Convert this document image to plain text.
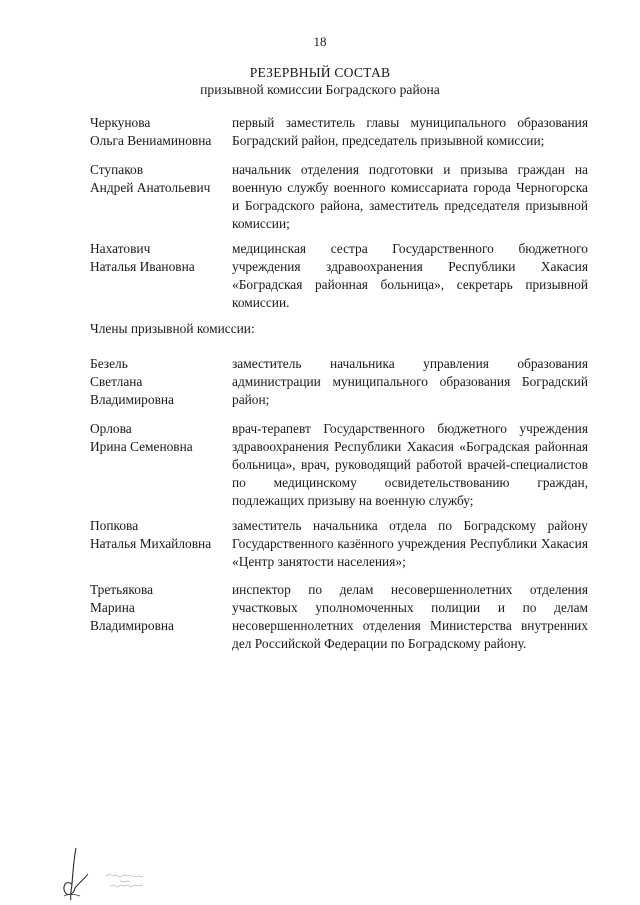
18
РЕЗЕРВНЫЙ СОСТАВ
призывной комиссии Боградского района
Черкунова
Ольга Вениаминовна
первый заместитель главы муниципального образования Боградский район, председатель призывной комиссии;
Ступаков
Андрей Анатольевич
начальник отделения подготовки и призыва граждан на военную службу военного комиссариата города Черногорска и Боградского района, заместитель председателя призывной комиссии;
Нахатович
Наталья Ивановна
медицинская сестра Государственного бюджетного учреждения здравоохранения Республики Хакасия «Боградская районная больница», секретарь призывной комиссии.
Члены призывной комиссии:
Безель
Светлана
Владимировна
заместитель начальника управления образования администрации муниципального образования Боградский район;
Орлова
Ирина Семеновна
врач-терапевт Государственного бюджетного учреждения здравоохранения Республики Хакасия «Боградская районная больница», врач, руководящий работой врачей-специалистов по медицинскому освидетельствованию граждан, подлежащих призыву на военную службу;
Попкова
Наталья Михайловна
заместитель начальника отдела по Боградскому району Государственного казённого учреждения Республики Хакасия «Центр занятости населения»;
Третьякова
Марина
Владимировна
инспектор по делам несовершеннолетних отделения участковых уполномоченных полиции и по делам несовершеннолетних отделения Министерства внутренних дел Российской Федерации по Боградскому району.
